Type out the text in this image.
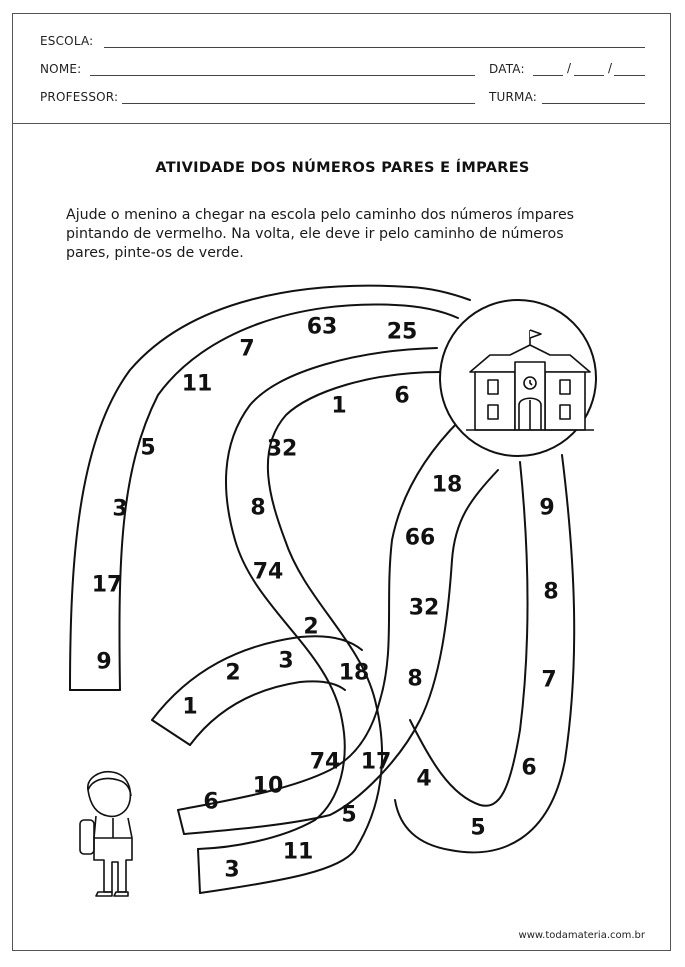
ESCOLA:
NOME:	DATA:	/	/
PROFESSOR:	TURMA:
ATIVIDADE DOS NÚMEROS PARES E ÍMPARES
Ajude o menino a chegar na escola pelo caminho dos números ímpares
pintando de vermelho. Na volta, ele deve ir pelo caminho de números
pares, pinte-os de verde.
63 25
7
11
5
3
17
9
1 6
32
8
74
2
18
66
32
8
9
8
7
6
5
4
1
2 3 18
6
10
74 17
5
3
11
www.todamateria.com.br
